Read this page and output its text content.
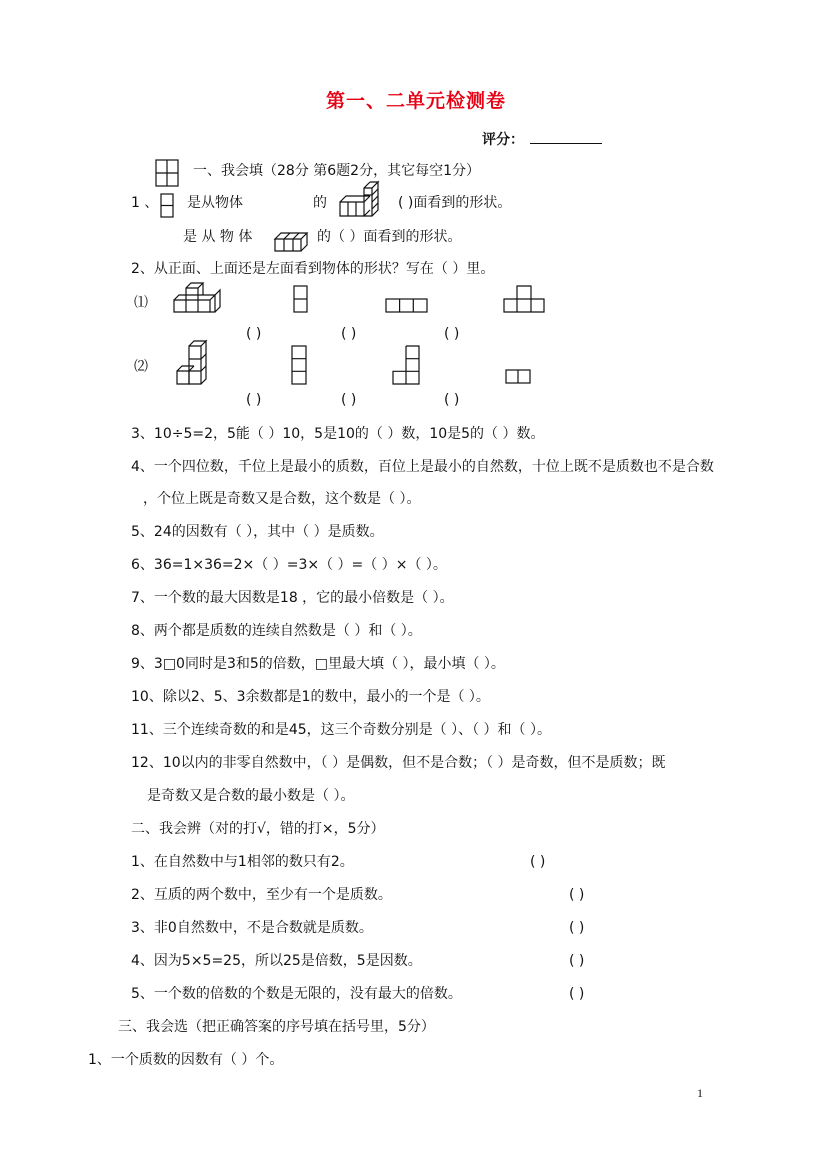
第一、二单元检测卷
评分：
一、我会填（28分 第6题2分，其它每空1分）
1 、 是从物体	的	( )面看到的形状。
是 从 物 体	的（ ）面看到的形状。
2、从正面、上面还是左面看到物体的形状？写在（ ）里。
⑴
( )	( )	( )
⑵
( )	( )	( )
3、10÷5=2，5能（ ）10，5是10的（ ）数，10是5的（ ）数。
4、一个四位数，千位上是最小的质数，百位上是最小的自然数，十位上既不是质数也不是合数
，个位上既是奇数又是合数，这个数是（ ）。
5、24的因数有（ ），其中（ ）是质数。
6、36=1×36=2×（ ）=3×（ ）=（ ）×（ ）。
7、一个数的最大因数是18 ，它的最小倍数是（ ）。
8、两个都是质数的连续自然数是（ ）和（ ）。
9、3□0同时是3和5的倍数，□里最大填（ ），最小填（ ）。
10、除以2、5、3余数都是1的数中，最小的一个是（ ）。
11、三个连续奇数的和是45，这三个奇数分别是（ ）、（ ）和（ ）。
12、10以内的非零自然数中，（ ）是偶数，但不是合数；（ ）是奇数，但不是质数；既
是奇数又是合数的最小数是（ ）。
二、我会辨（对的打√，错的打×，5分）
1、在自然数中与1相邻的数只有2。	( )
2、互质的两个数中，至少有一个是质数。	( )
3、非0自然数中，不是合数就是质数。	( )
4、因为5×5=25，所以25是倍数，5是因数。	( )
5、一个数的倍数的个数是无限的，没有最大的倍数。	( )
三、我会选（把正确答案的序号填在括号里，5分）
1、一个质数的因数有（ ）个。
1
